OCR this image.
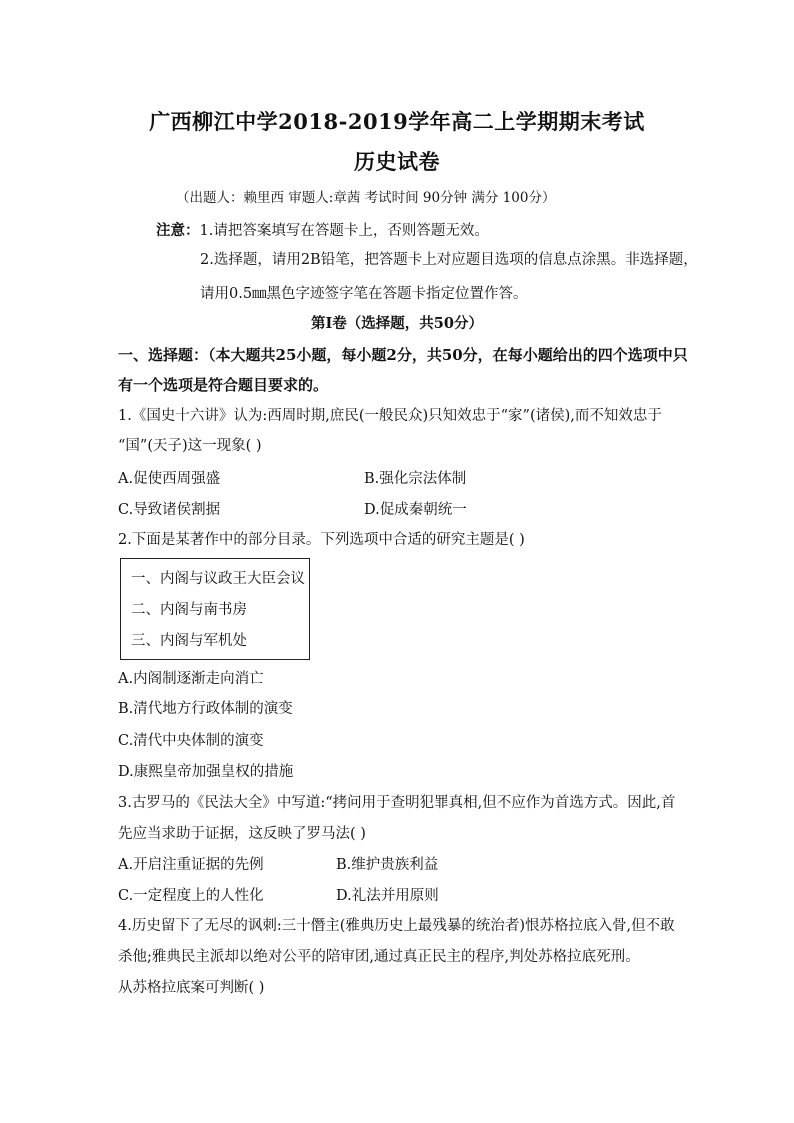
广西柳江中学2018-2019学年高二上学期期末考试
历史试卷
（出题人：赖里西 审题人:章茜 考试时间 90分钟 满分 100分）
注意：1.请把答案填写在答题卡上，否则答题无效。
2.选择题，请用2B铅笔，把答题卡上对应题目选项的信息点涂黑。非选择题，
请用0.5㎜黑色字迹签字笔在答题卡指定位置作答。
第Ⅰ卷（选择题，共50分）
一、选择题：（本大题共25小题，每小题2分，共50分，在每小题给出的四个选项中只
有一个选项是符合题目要求的。
1.《国史十六讲》认为:西周时期,庶民(一般民众)只知效忠于“家”(诸侯),而不知效忠于
“国”(天子)这一现象( )
A.促使西周强盛	B.强化宗法体制
C.导致诸侯割据	D.促成秦朝统一
2.下面是某著作中的部分目录。下列选项中合适的研究主题是( )
一、内阁与议政王大臣会议
二、内阁与南书房
三、内阁与军机处
A.内阁制逐渐走向消亡
B.清代地方行政体制的演变
C.清代中央体制的演变
D.康熙皇帝加强皇权的措施
3.古罗马的《民法大全》中写道:“拷问用于查明犯罪真相,但不应作为首选方式。因此,首
先应当求助于证据，这反映了罗马法( )
A.开启注重证据的先例	B.维护贵族利益
C.一定程度上的人性化	D.礼法并用原则
4.历史留下了无尽的讽刺:三十僭主(雅典历史上最残暴的统治者)恨苏格拉底入骨,但不敢
杀他;雅典民主派却以绝对公平的陪审团,通过真正民主的程序,判处苏格拉底死刑。
从苏格拉底案可判断( )
